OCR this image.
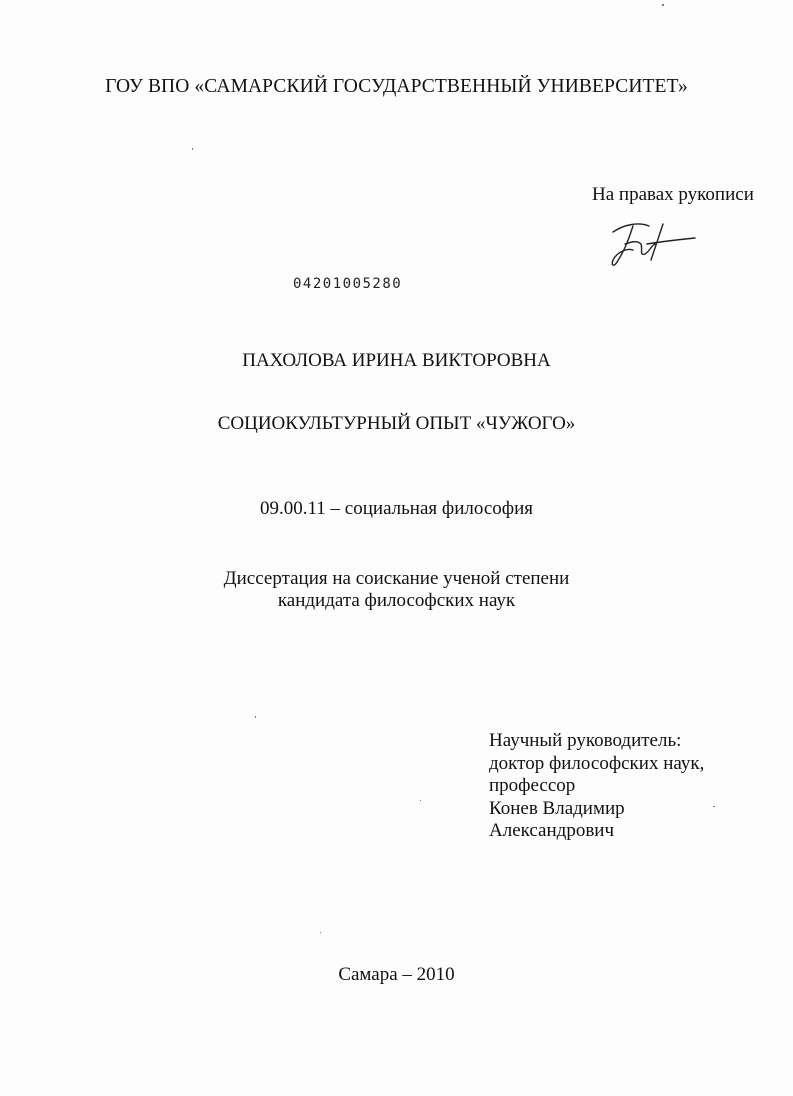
ГОУ ВПО «САМАРСКИЙ ГОСУДАРСТВЕННЫЙ УНИВЕРСИТЕТ»
На правах рукописи
04201005280
ПАХОЛОВА ИРИНА ВИКТОРОВНА
СОЦИОКУЛЬТУРНЫЙ ОПЫТ «ЧУЖОГО»
09.00.11 – социальная философия
Диссертация на соискание ученой степени
кандидата философских наук
Научный руководитель:
доктор философских наук,
профессор
Конев Владимир
Александрович
Самара – 2010
